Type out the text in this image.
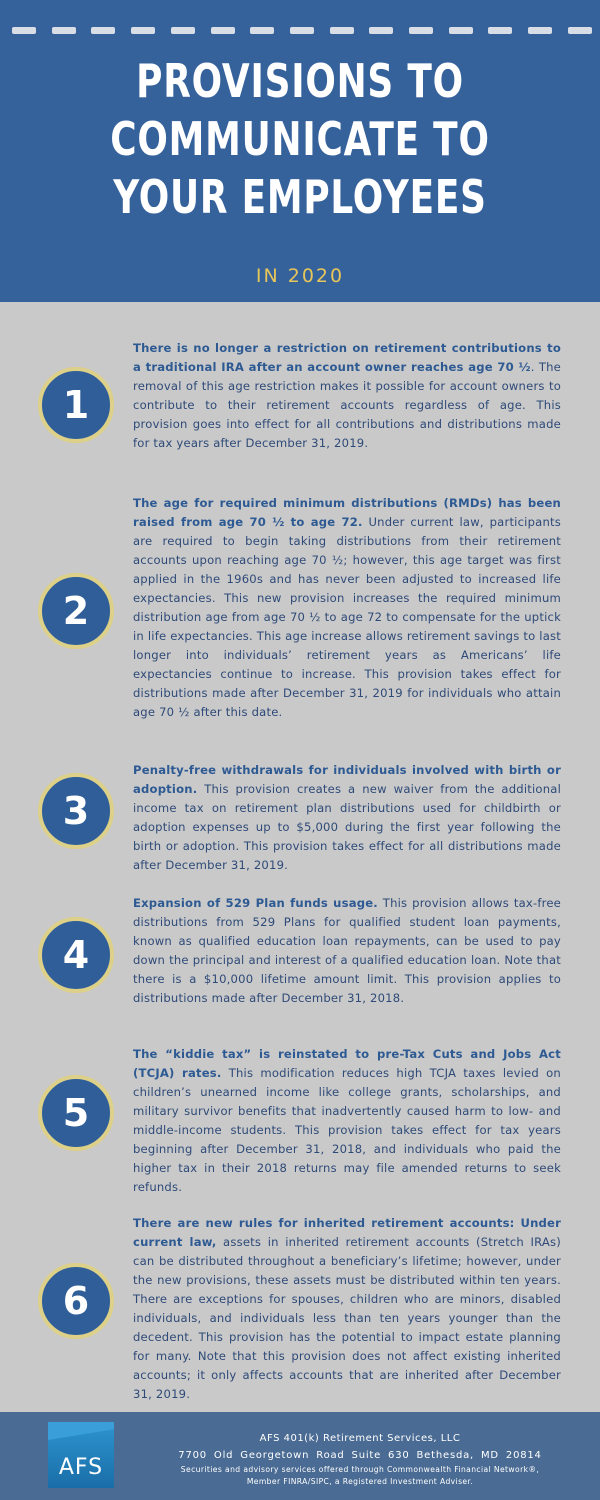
PROVISIONS TO COMMUNICATE TO YOUR EMPLOYEES
IN 2020
1
There is no longer a restriction on retirement contributions to a traditional IRA after an account owner reaches age 70 ½. The removal of this age restriction makes it possible for account owners to contribute to their retirement accounts regardless of age. This provision goes into effect for all contributions and distributions made for tax years after December 31, 2019.
2
The age for required minimum distributions (RMDs) has been raised from age 70 ½ to age 72. Under current law, participants are required to begin taking distributions from their retirement accounts upon reaching age 70 ½; however, this age target was first applied in the 1960s and has never been adjusted to increased life expectancies. This new provision increases the required minimum distribution age from age 70 ½ to age 72 to compensate for the uptick in life expectancies. This age increase allows retirement savings to last longer into individuals’ retirement years as Americans’ life expectancies continue to increase. This provision takes effect for distributions made after December 31, 2019 for individuals who attain age 70 ½ after this date.
3
Penalty-free withdrawals for individuals involved with birth or adoption. This provision creates a new waiver from the additional income tax on retirement plan distributions used for childbirth or adoption expenses up to $5,000 during the first year following the birth or adoption. This provision takes effect for all distributions made after December 31, 2019.
4
Expansion of 529 Plan funds usage. This provision allows tax-free distributions from 529 Plans for qualified student loan payments, known as qualified education loan repayments, can be used to pay down the principal and interest of a qualified education loan. Note that there is a $10,000 lifetime amount limit. This provision applies to distributions made after December 31, 2018.
5
The “kiddie tax” is reinstated to pre-Tax Cuts and Jobs Act (TCJA) rates. This modification reduces high TCJA taxes levied on children’s unearned income like college grants, scholarships, and military survivor benefits that inadvertently caused harm to low- and middle-income students. This provision takes effect for tax years beginning after December 31, 2018, and individuals who paid the higher tax in their 2018 returns may file amended returns to seek refunds.
6
There are new rules for inherited retirement accounts: Under current law, assets in inherited retirement accounts (Stretch IRAs) can be distributed throughout a beneficiary’s lifetime; however, under the new provisions, these assets must be distributed within ten years. There are exceptions for spouses, children who are minors, disabled individuals, and individuals less than ten years younger than the decedent. This provision has the potential to impact estate planning for many. Note that this provision does not affect existing inherited accounts; it only affects accounts that are inherited after December 31, 2019.
AFS
AFS 401(k) Retirement Services, LLC
7700 Old Georgetown Road Suite 630 Bethesda, MD 20814
Securities and advisory services offered through Commonwealth Financial Network®,
Member FINRA/SIPC, a Registered Investment Adviser.
